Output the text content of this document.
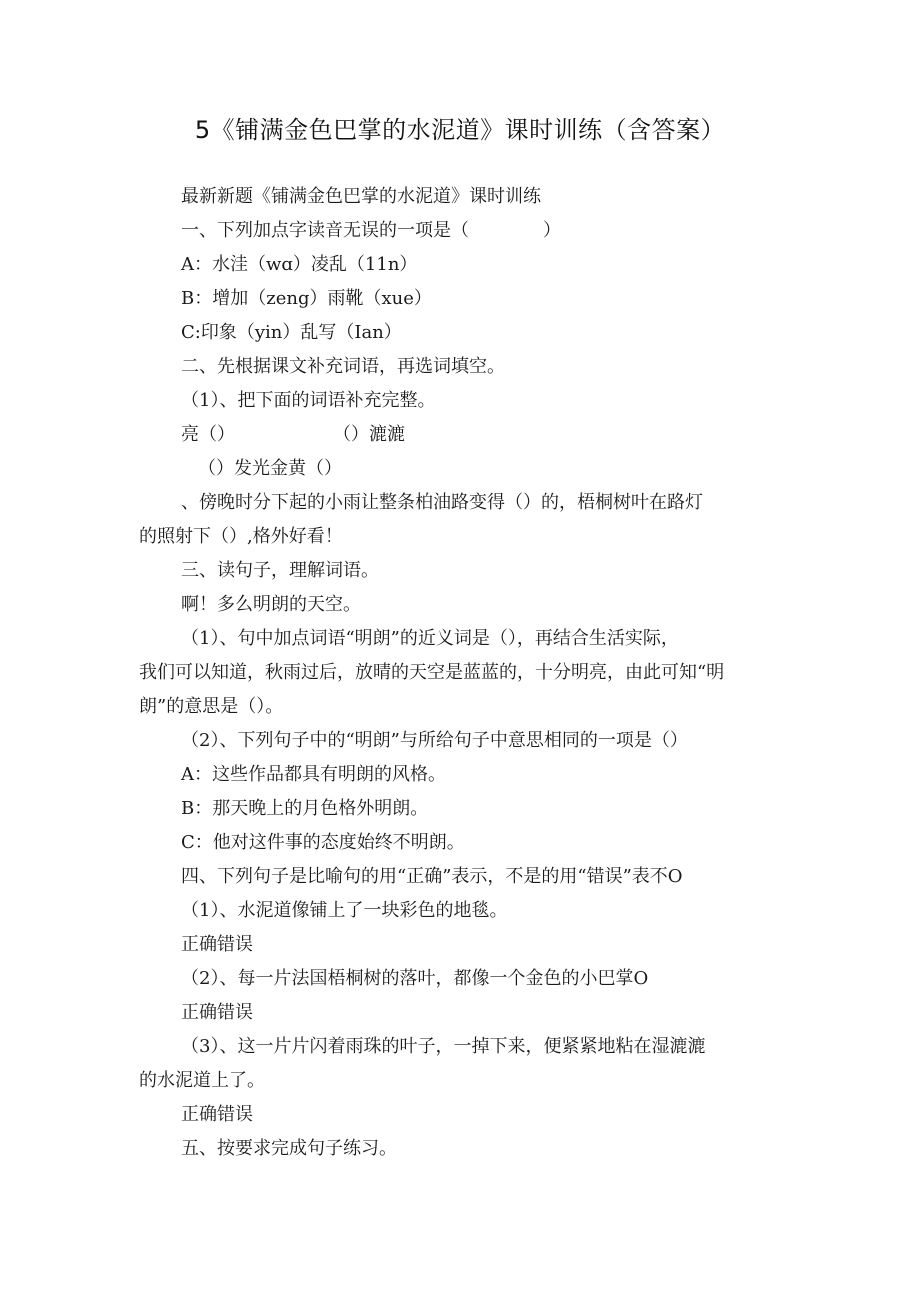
5《铺满金色巴掌的水泥道》课时训练（含答案）
最新新题《铺满金色巴掌的水泥道》课时训练
一、下列加点字读音无误的一项是（	）
A：水洼（wɑ）凌乱（11n）
B：增加（zeng）雨靴（xue）
C:印象（yin）乱写（Ian）
二、先根据课文补充词语，再选词填空。
（1）、把下面的词语补充完整。
亮（）	（）漉漉
（）发光金黄（）
、傍晚时分下起的小雨让整条柏油路变得（）的，梧桐树叶在路灯
的照射下（）,格外好看！
三、读句子，理解词语。
啊！多么明朗的天空。
（1）、句中加点词语“明朗”的近义词是（），再结合生活实际，
我们可以知道，秋雨过后，放晴的天空是蓝蓝的，十分明亮，由此可知“明
朗”的意思是（）。
（2）、下列句子中的“明朗”与所给句子中意思相同的一项是（）
A：这些作品都具有明朗的风格。
B：那天晚上的月色格外明朗。
C：他对这件事的态度始终不明朗。
四、下列句子是比喻句的用“正确”表示，不是的用“错误”表不O
（1）、水泥道像铺上了一块彩色的地毯。
正确错误
（2）、每一片法国梧桐树的落叶，都像一个金色的小巴掌O
正确错误
（3）、这一片片闪着雨珠的叶子，一掉下来，便紧紧地粘在湿漉漉
的水泥道上了。
正确错误
五、按要求完成句子练习。
